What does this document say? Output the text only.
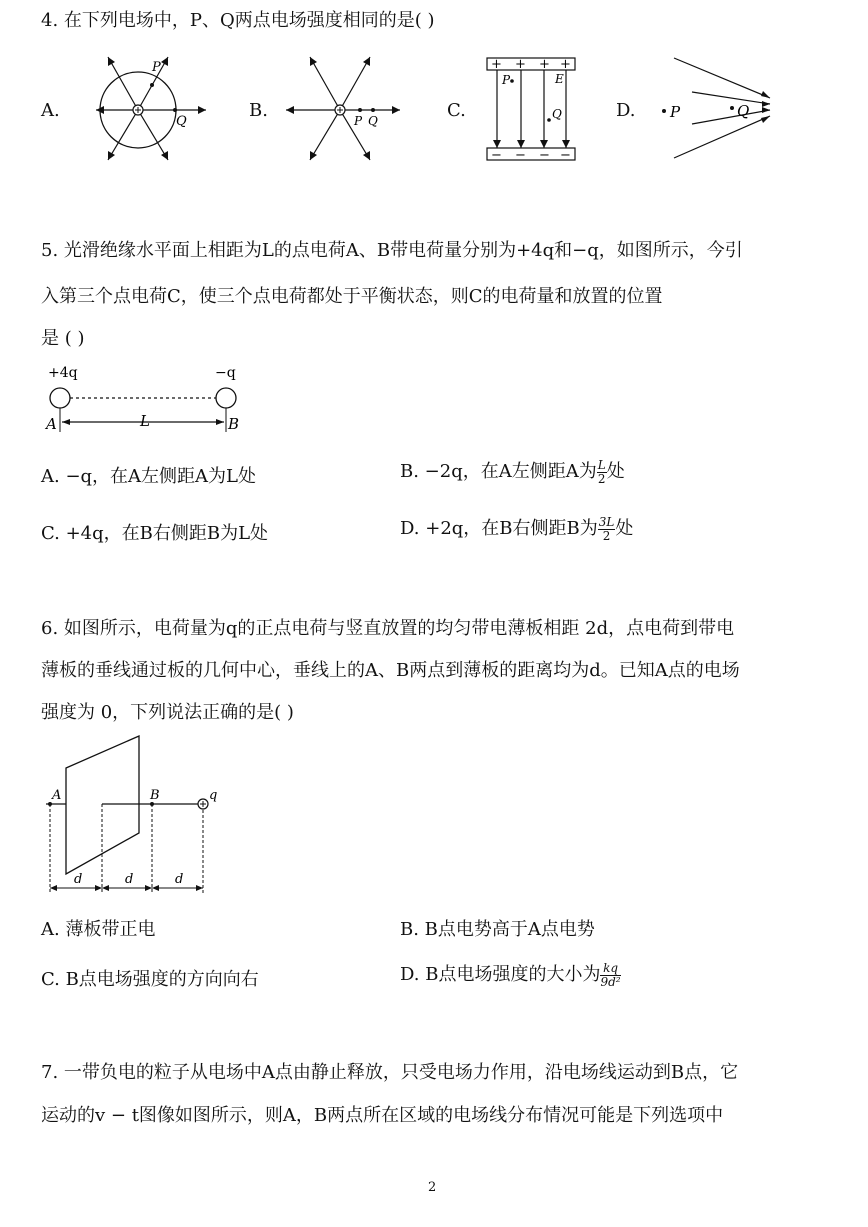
4. 在下列电场中，P、Q两点电场强度相同的是( )
A.
P
Q
B.	P Q	C.
+ + + +
− − − −
P
Q
E
D. P	Q
5. 光滑绝缘水平面上相距为L的点电荷A、B带电荷量分别为+4q和−q，如图所示，今引
入第三个点电荷C，使三个点电荷都处于平衡状态，则C的电荷量和放置的位置
是 ( )
+4q	−q
A	B
L
A. −q，在A左侧距A为L处	B. −2q，在A左侧距A为 $\frac{L}{2}$ 处
C. +4q，在B右侧距B为L处	D. +2q，在B右侧距B为 $\frac{3L}{2}$ 处
6. 如图所示，电荷量为q的正点电荷与竖直放置的均匀带电薄板相距 2d，点电荷到带电
薄板的垂线通过板的几何中心，垂线上的A、B两点到薄板的距离均为d。已知A点的电场
强度为 0，下列说法正确的是( )
A	B	q
d	d	d
A. 薄板带正电	B. B点电势高于A点电势
C. B点电场强度的方向向右	D. B点电场强度的大小为 $\frac{kq}{\text{9d²}}$
7. 一带负电的粒子从电场中A点由静止释放，只受电场力作用，沿电场线运动到B点，它
运动的v − t图像如图所示，则A，B两点所在区域的电场线分布情况可能是下列选项中
2
